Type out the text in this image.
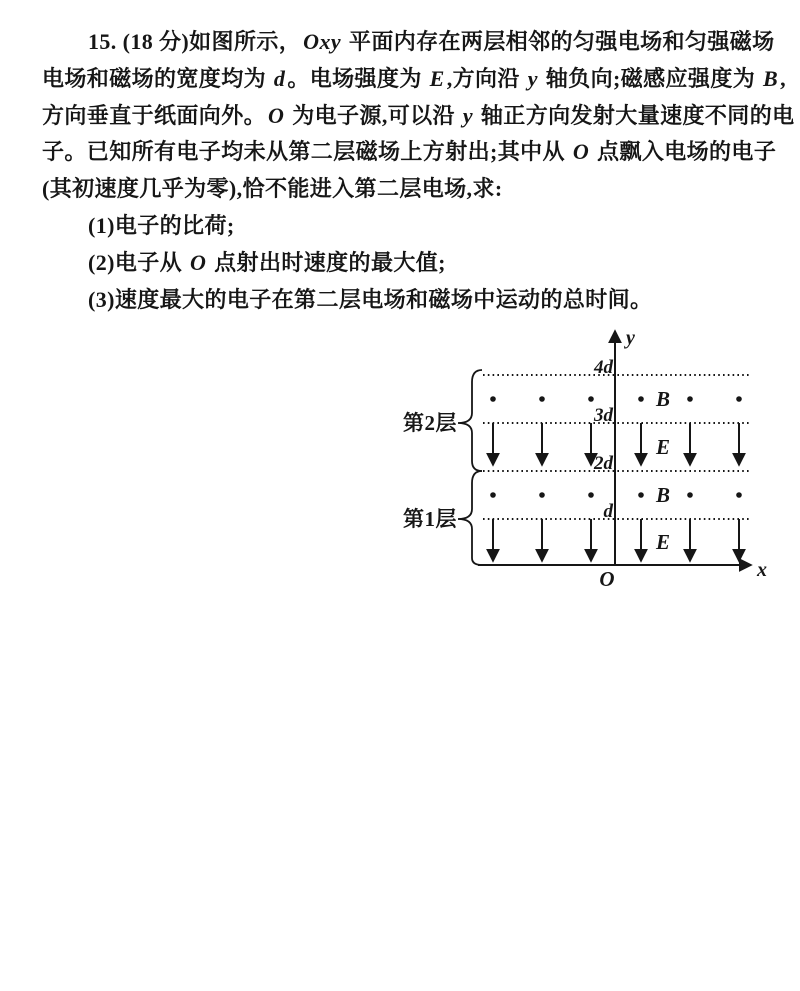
15. (18 分)如图所示，Oxy 平面内存在两层相邻的匀强电场和匀强磁场
电场和磁场的宽度均为 d。电场强度为 E,方向沿 y 轴负向;磁感应强度为 B,
方向垂直于纸面向外。O 为电子源,可以沿 y 轴正方向发射大量速度不同的电
子。已知所有电子均未从第二层磁场上方射出;其中从 O 点飘入电场的电子
(其初速度几乎为零),恰不能进入第二层电场,求:
(1)电子的比荷;
(2)电子从 O 点射出时速度的最大值;
(3)速度最大的电子在第二层电场和磁场中运动的总时间。
y
x
O
4d
3d
2d
d
B
E
B
E
第2层
第1层
